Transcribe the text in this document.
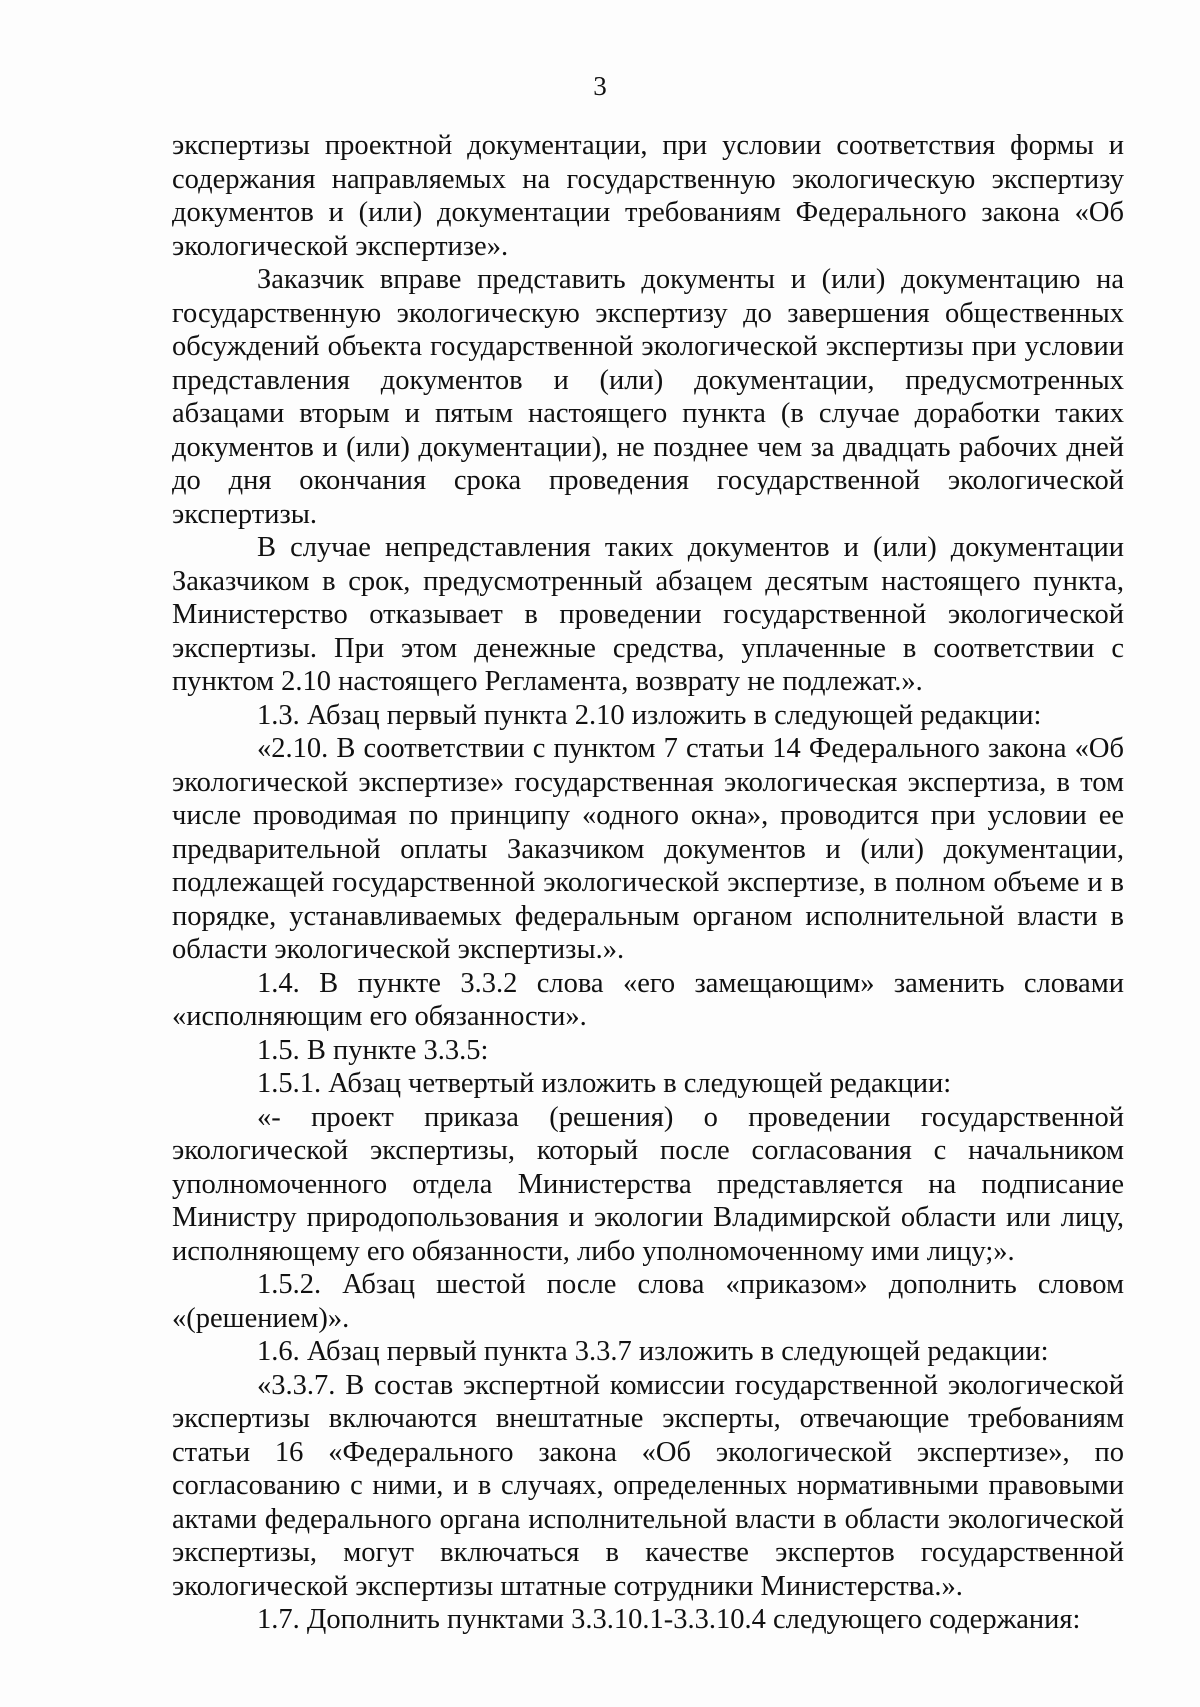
3

экспертизы проектной документации, при условии соответствия формы и содержания направляемых на государственную экологическую экспертизу документов и (или) документации требованиям Федерального закона «Об экологической экспертизе».

Заказчик вправе представить документы и (или) документацию на государственную экологическую экспертизу до завершения общественных обсуждений объекта государственной экологической экспертизы при условии представления документов и (или) документации, предусмотренных абзацами вторым и пятым настоящего пункта (в случае доработки таких документов и (или) документации), не позднее чем за двадцать рабочих дней до дня окончания срока проведения государственной экологической экспертизы.

В случае непредставления таких документов и (или) документации Заказчиком в срок, предусмотренный абзацем десятым настоящего пункта, Министерство отказывает в проведении государственной экологической экспертизы. При этом денежные средства, уплаченные в соответствии с пунктом 2.10 настоящего Регламента, возврату не подлежат.».

1.3. Абзац первый пункта 2.10 изложить в следующей редакции:

«2.10. В соответствии с пунктом 7 статьи 14 Федерального закона «Об экологической экспертизе» государственная экологическая экспертиза, в том числе проводимая по принципу «одного окна», проводится при условии ее предварительной оплаты Заказчиком документов и (или) документации, подлежащей государственной экологической экспертизе, в полном объеме и в порядке, устанавливаемых федеральным органом исполнительной власти в области экологической экспертизы.».

1.4. В пункте 3.3.2 слова «его замещающим» заменить словами «исполняющим его обязанности».

1.5. В пункте 3.3.5:

1.5.1. Абзац четвертый изложить в следующей редакции:

«- проект приказа (решения) о проведении государственной экологической экспертизы, который после согласования с начальником уполномоченного отдела Министерства представляется на подписание Министру природопользования и экологии Владимирской области или лицу, исполняющему его обязанности, либо уполномоченному ими лицу;».

1.5.2. Абзац шестой после слова «приказом» дополнить словом «(решением)».

1.6. Абзац первый пункта 3.3.7 изложить в следующей редакции:

«3.3.7. В состав экспертной комиссии государственной экологической экспертизы включаются внештатные эксперты, отвечающие требованиям статьи 16 «Федерального закона «Об экологической экспертизе», по согласованию с ними, и в случаях, определенных нормативными правовыми актами федерального органа исполнительной власти в области экологической экспертизы, могут включаться в качестве экспертов государственной экологической экспертизы штатные сотрудники Министерства.».

1.7. Дополнить пунктами 3.3.10.1-3.3.10.4 следующего содержания:
